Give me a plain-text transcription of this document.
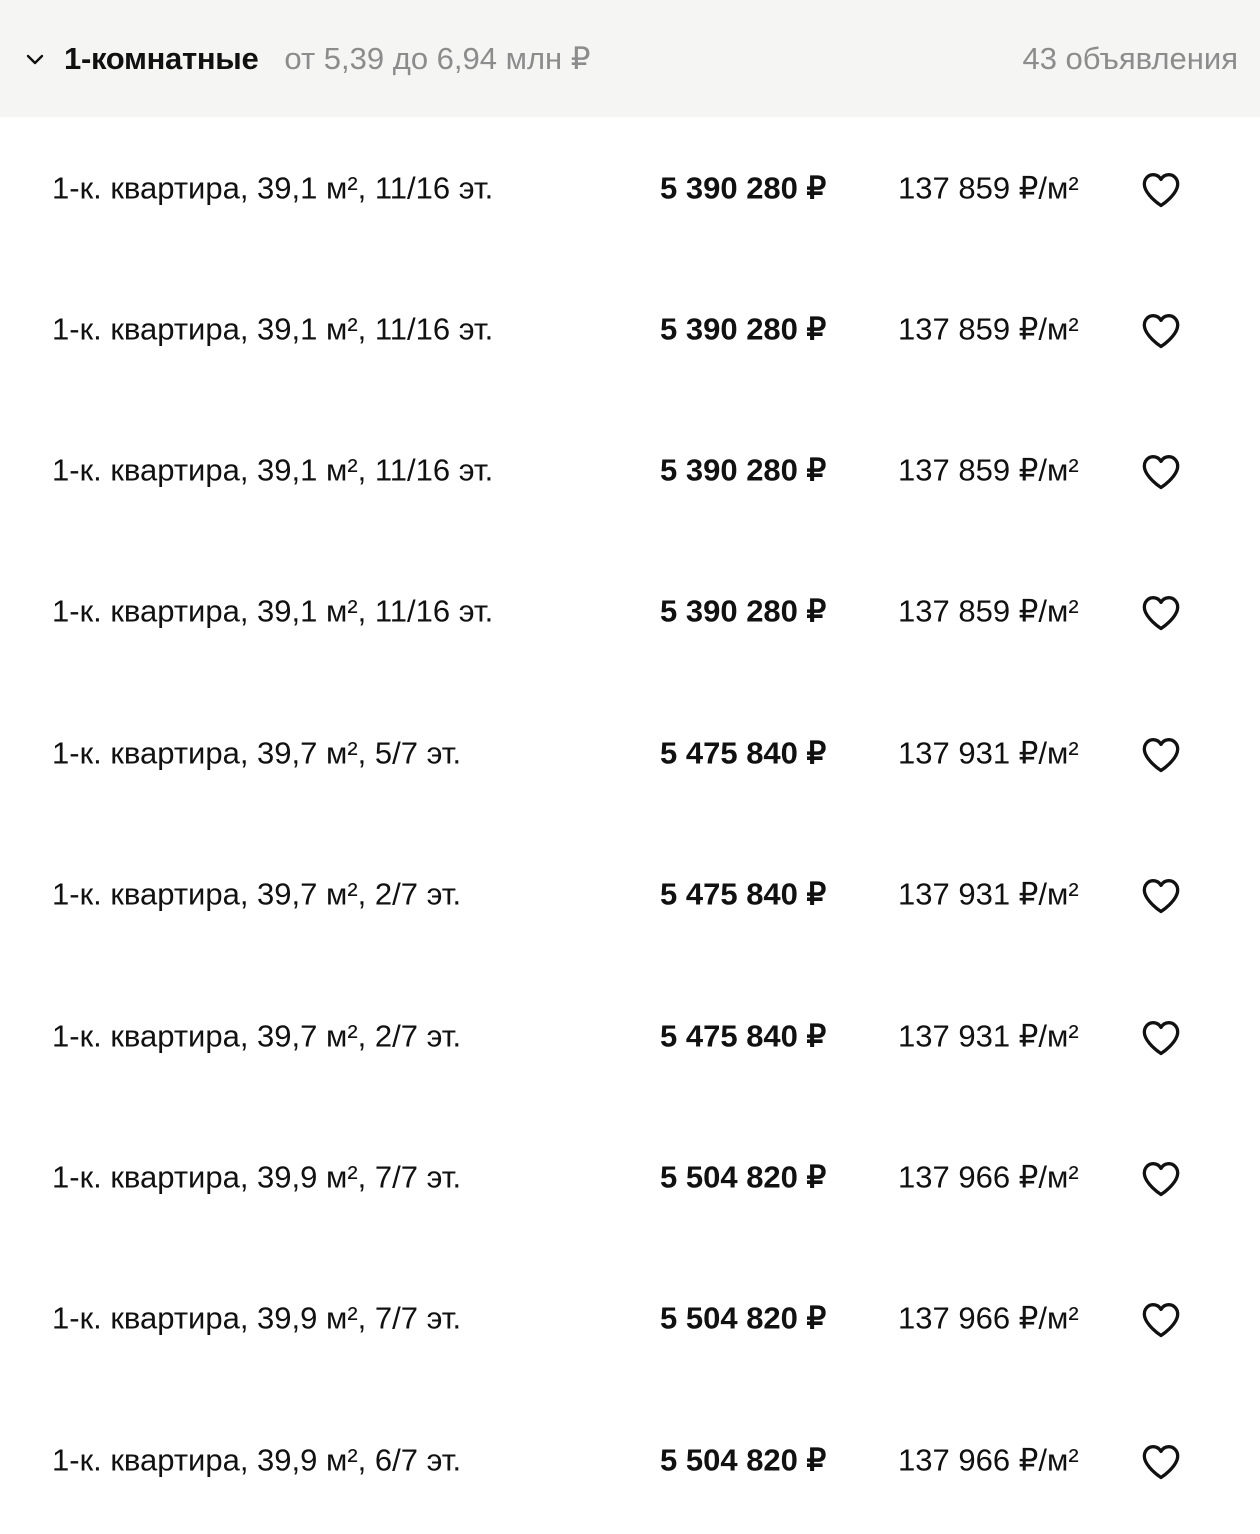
1-комнатные от 5,39 до 6,94 млн ₽	43 объявления
1-к. квартира, 39,1 м², 11/16 эт.	5 390 280 ₽ 137 859 ₽/м²
1-к. квартира, 39,1 м², 11/16 эт.	5 390 280 ₽ 137 859 ₽/м²
1-к. квартира, 39,1 м², 11/16 эт.	5 390 280 ₽ 137 859 ₽/м²
1-к. квартира, 39,1 м², 11/16 эт.	5 390 280 ₽ 137 859 ₽/м²
1-к. квартира, 39,7 м², 5/7 эт.	5 475 840 ₽ 137 931 ₽/м²
1-к. квартира, 39,7 м², 2/7 эт.	5 475 840 ₽ 137 931 ₽/м²
1-к. квартира, 39,7 м², 2/7 эт.	5 475 840 ₽ 137 931 ₽/м²
1-к. квартира, 39,9 м², 7/7 эт.	5 504 820 ₽ 137 966 ₽/м²
1-к. квартира, 39,9 м², 7/7 эт.	5 504 820 ₽ 137 966 ₽/м²
1-к. квартира, 39,9 м², 6/7 эт.	5 504 820 ₽ 137 966 ₽/м²
